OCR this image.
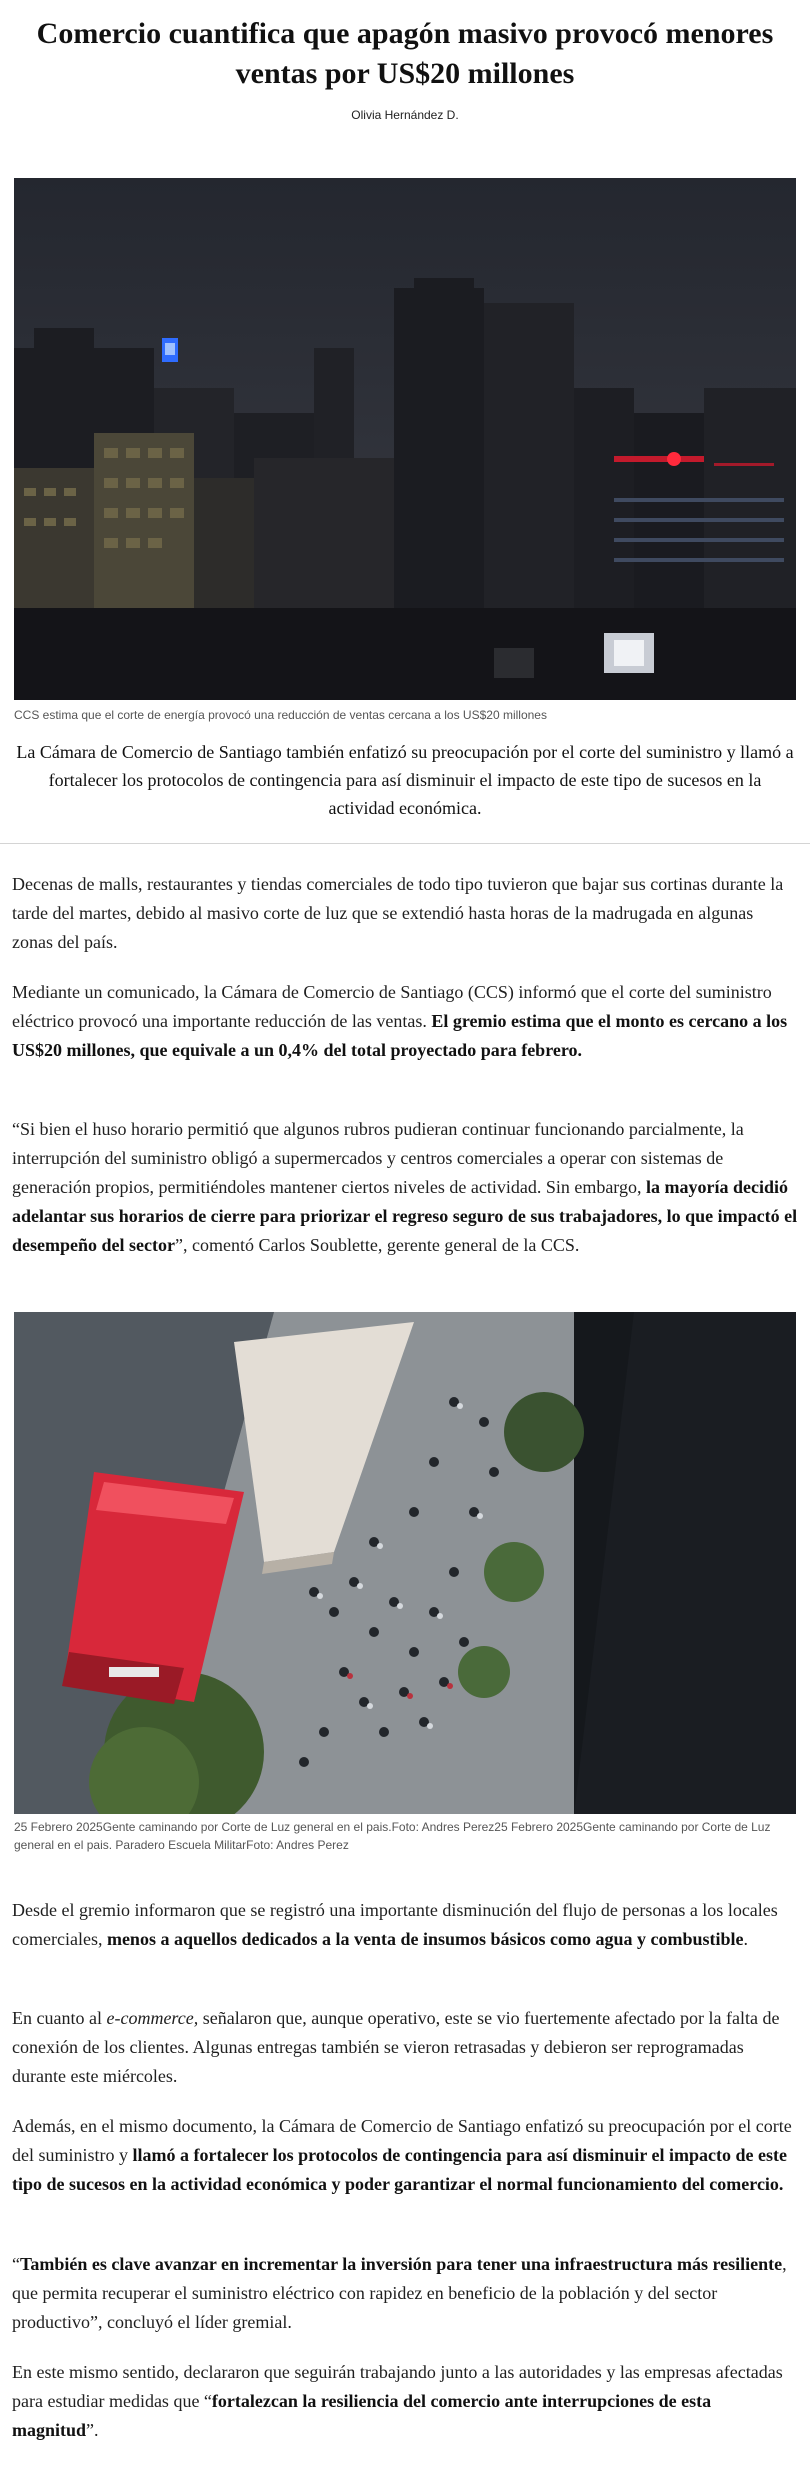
Comercio cuantifica que apagón masivo provocó menores ventas por US$20 millones
Olivia Hernández D.
CCS estima que el corte de energía provocó una reducción de ventas cercana a los US$20 millones
La Cámara de Comercio de Santiago también enfatizó su preocupación por el corte del suministro y llamó a fortalecer los protocolos de contingencia para así disminuir el impacto de este tipo de sucesos en la actividad económica.

Decenas de malls, restaurantes y tiendas comerciales de todo tipo tuvieron que bajar sus cortinas durante la tarde del martes, debido al masivo corte de luz que se extendió hasta horas de la madrugada en algunas zonas del país.

Mediante un comunicado, la Cámara de Comercio de Santiago (CCS) informó que el corte del suministro eléctrico provocó una importante reducción de las ventas. El gremio estima que el monto es cercano a los US$20 millones, que equivale a un 0,4% del total proyectado para febrero.

“Si bien el huso horario permitió que algunos rubros pudieran continuar funcionando parcialmente, la interrupción del suministro obligó a supermercados y centros comerciales a operar con sistemas de generación propios, permitiéndoles mantener ciertos niveles de actividad. Sin embargo, la mayoría decidió adelantar sus horarios de cierre para priorizar el regreso seguro de sus trabajadores, lo que impactó el desempeño del sector”, comentó Carlos Soublette, gerente general de la CCS.

25 Febrero 2025Gente caminando por Corte de Luz general en el pais.Foto: Andres Perez25 Febrero 2025Gente caminando por Corte de Luz general en el pais. Paradero Escuela MilitarFoto: Andres Perez

Desde el gremio informaron que se registró una importante disminución del flujo de personas a los locales comerciales, menos a aquellos dedicados a la venta de insumos básicos como agua y combustible.

En cuanto al e-commerce, señalaron que, aunque operativo, este se vio fuertemente afectado por la falta de conexión de los clientes. Algunas entregas también se vieron retrasadas y debieron ser reprogramadas durante este miércoles.

Además, en el mismo documento, la Cámara de Comercio de Santiago enfatizó su preocupación por el corte del suministro y llamó a fortalecer los protocolos de contingencia para así disminuir el impacto de este tipo de sucesos en la actividad económica y poder garantizar el normal funcionamiento del comercio.

“También es clave avanzar en incrementar la inversión para tener una infraestructura más resiliente, que permita recuperar el suministro eléctrico con rapidez en beneficio de la población y del sector productivo”, concluyó el líder gremial.

En este mismo sentido, declararon que seguirán trabajando junto a las autoridades y las empresas afectadas para estudiar medidas que “fortalezcan la resiliencia del comercio ante interrupciones de esta magnitud”.
